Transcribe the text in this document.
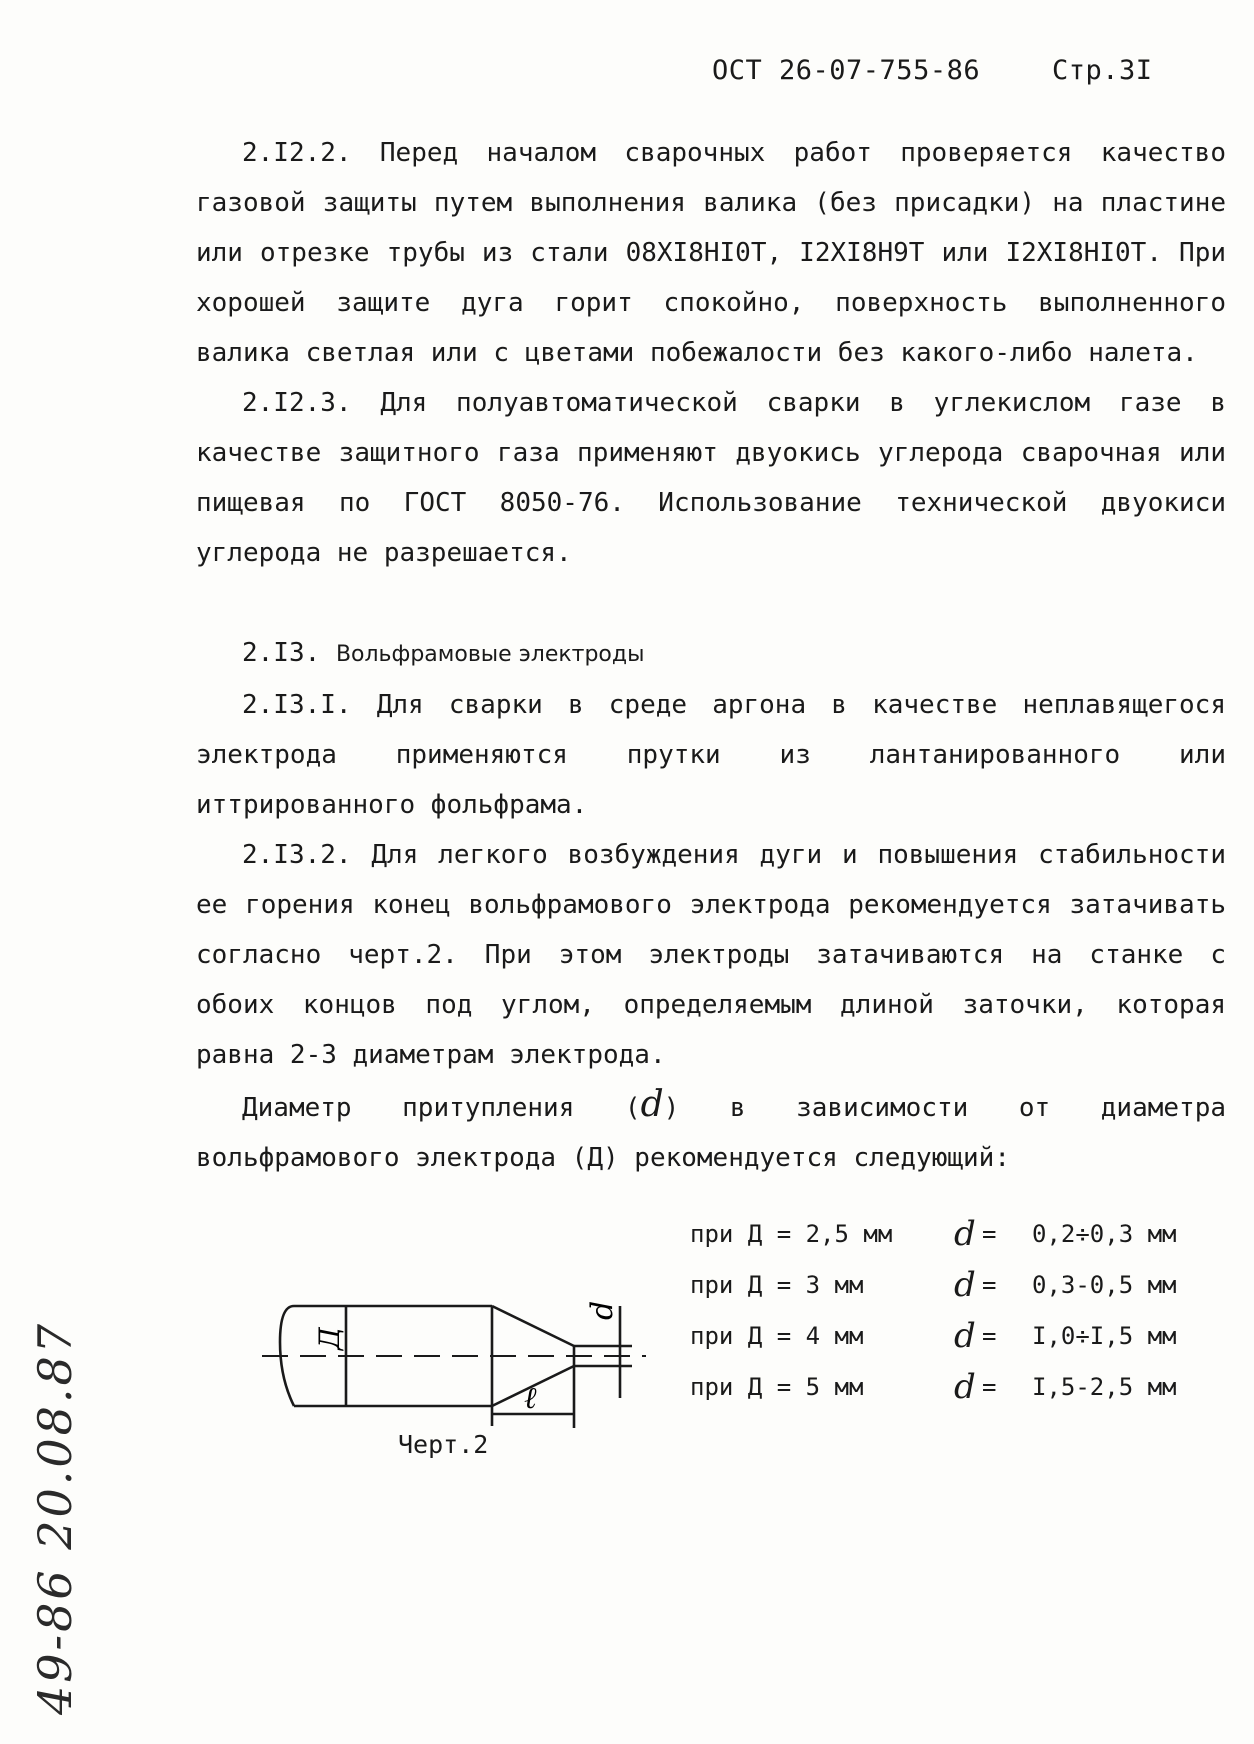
ОСТ 26-07-755-86	Стр.3I

2.I2.2. Перед началом сварочных работ проверяется качество газовой защиты путем выполнения валика (без присадки) на пластине или отрезке трубы из стали 08XI8HI0T, I2XI8H9T или I2XI8HI0T. При хорошей защите дуга горит спокойно, поверхность выполненного валика светлая или с цветами побежалости без какого-либо налета.

2.I2.3. Для полуавтоматической сварки в углекислом газе в качестве защитного газа применяют двуокись углерода сварочная или пищевая по ГОСТ 8050-76. Использование технической двуокиси углерода не разрешается.

2.I3. Вольфрамовые электроды

2.I3.I. Для сварки в среде аргона в качестве неплавящегося электрода применяются прутки из лантанированного или иттрированного фольфрама.

2.I3.2. Для легкого возбуждения дуги и повышения стабильности ее горения конец вольфрамового электрода рекомендуется затачивать согласно черт.2. При этом электроды затачиваются на станке с обоих концов под углом, определяемым длиной заточки, которая равна 2-3 диаметрам электрода.

Диаметр притупления (d) в зависимости от диаметра вольфрамового электрода (Д) рекомендуется следующий:

при Д = 2,5 мм d = 0,2÷0,3 мм
при Д = 3 мм	d = 0,3-0,5 мм
при Д = 4 мм	d = I,0÷I,5 мм
при Д = 5 мм	d = I,5-2,5 мм
Д
ℓ
d
Черт.2
49-86 20.08.87
